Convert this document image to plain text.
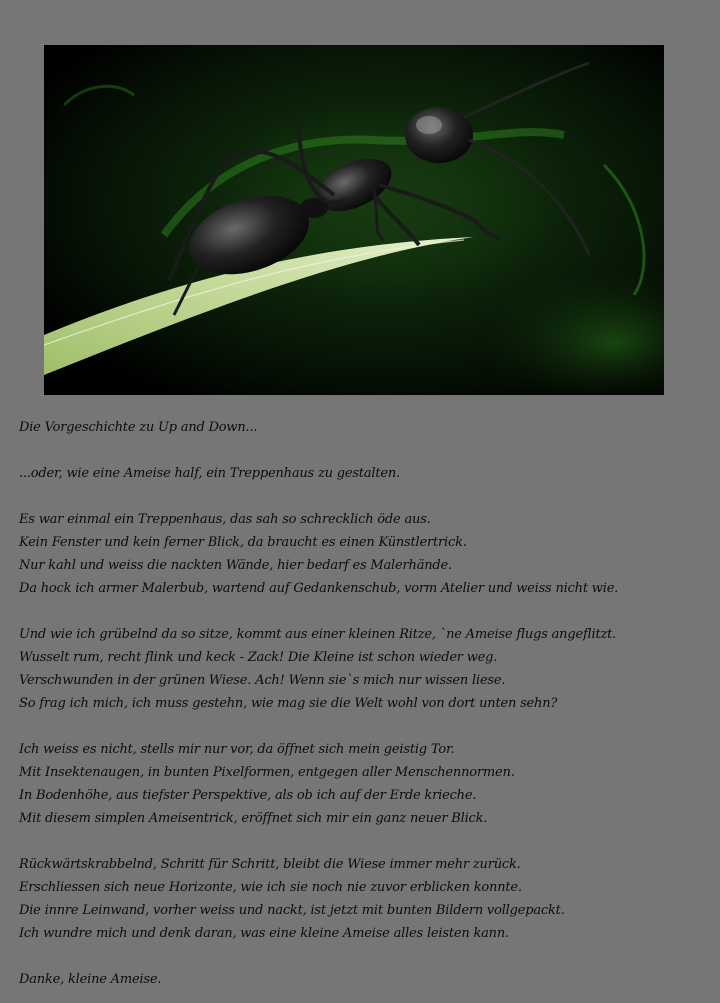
Die Vorgeschichte zu Up and Down...
...oder, wie eine Ameise half, ein Treppenhaus zu gestalten.
Es war einmal ein Treppenhaus, das sah so schrecklich öde aus.
Kein Fenster und kein ferner Blick, da braucht es einen Künstlertrick.
Nur kahl und weiss die nackten Wände, hier bedarf es Malerhände.
Da hock ich armer Malerbub, wartend auf Gedankenschub, vorm Atelier und weiss nicht wie.
Und wie ich grübelnd da so sitze, kommt aus einer kleinen Ritze, `ne Ameise flugs angeflitzt.
Wusselt rum, recht flink und keck - Zack! Die Kleine ist schon wieder weg.
Verschwunden in der grünen Wiese. Ach! Wenn sie`s mich nur wissen liese.
So frag ich mich, ich muss gestehn, wie mag sie die Welt wohl von dort unten sehn?
Ich weiss es nicht, stells mir nur vor, da öffnet sich mein geistig Tor.
Mit Insektenaugen, in bunten Pixelformen, entgegen aller Menschennormen.
In Bodenhöhe, aus tiefster Perspektive, als ob ich auf der Erde krieche.
Mit diesem simplen Ameisentrick, eröffnet sich mir ein ganz neuer Blick.
Rückwärtskrabbelnd, Schritt für Schritt, bleibt die Wiese immer mehr zurück.
Erschliessen sich neue Horizonte, wie ich sie noch nie zuvor erblicken konnte.
Die innre Leinwand, vorher weiss und nackt, ist jetzt mit bunten Bildern vollgepackt.
Ich wundre mich und denk daran, was eine kleine Ameise alles leisten kann.
Danke, kleine Ameise.
